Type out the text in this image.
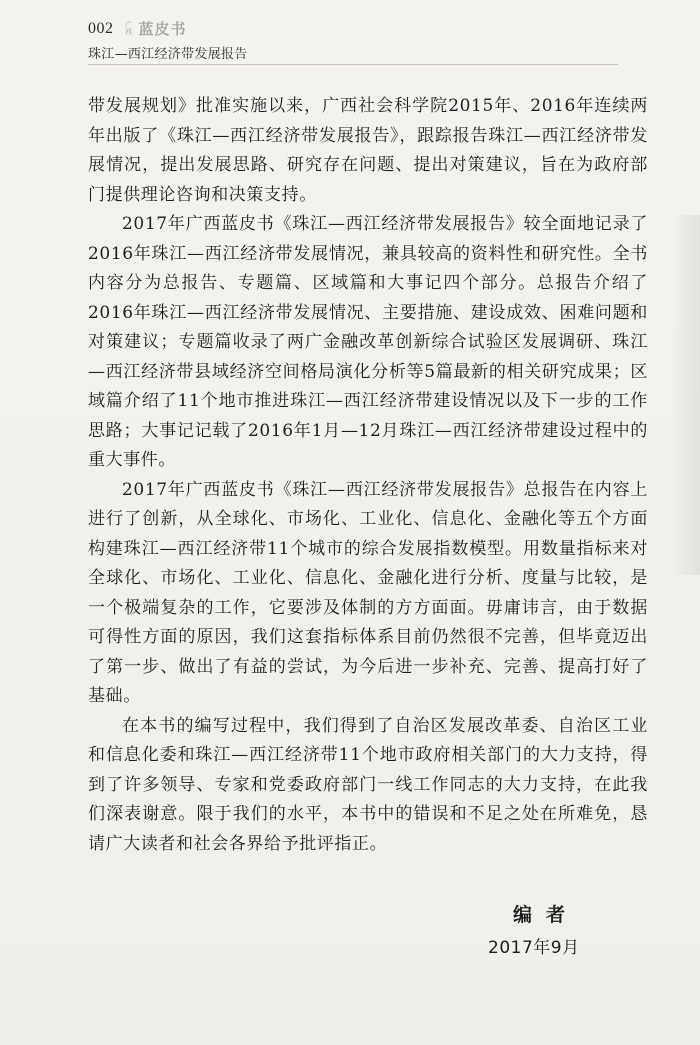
002 广
西 蓝皮书
珠江—西江经济带发展报告

带发展规划》批准实施以来，广西社会科学院2015年、2016年连续两年出版了《珠江—西江经济带发展报告》，跟踪报告珠江—西江经济带发展情况，提出发展思路、研究存在问题、提出对策建议，旨在为政府部门提供理论咨询和决策支持。

2017年广西蓝皮书《珠江—西江经济带发展报告》较全面地记录了2016年珠江—西江经济带发展情况，兼具较高的资料性和研究性。全书内容分为总报告、专题篇、区域篇和大事记四个部分。总报告介绍了2016年珠江—西江经济带发展情况、主要措施、建设成效、困难问题和对策建议；专题篇收录了两广金融改革创新综合试验区发展调研、珠江—西江经济带县域经济空间格局演化分析等5篇最新的相关研究成果；区域篇介绍了11个地市推进珠江—西江经济带建设情况以及下一步的工作思路；大事记记载了2016年1月—12月珠江—西江经济带建设过程中的重大事件。

2017年广西蓝皮书《珠江—西江经济带发展报告》总报告在内容上进行了创新，从全球化、市场化、工业化、信息化、金融化等五个方面构建珠江—西江经济带11个城市的综合发展指数模型。用数量指标来对全球化、市场化、工业化、信息化、金融化进行分析、度量与比较，是一个极端复杂的工作，它要涉及体制的方方面面。毋庸讳言，由于数据可得性方面的原因，我们这套指标体系目前仍然很不完善，但毕竟迈出了第一步、做出了有益的尝试，为今后进一步补充、完善、提高打好了基础。

在本书的编写过程中，我们得到了自治区发展改革委、自治区工业和信息化委和珠江—西江经济带11个地市政府相关部门的大力支持，得到了许多领导、专家和党委政府部门一线工作同志的大力支持，在此我们深表谢意。限于我们的水平，本书中的错误和不足之处在所难免，恳请广大读者和社会各界给予批评指正。

编者
2017年9月
